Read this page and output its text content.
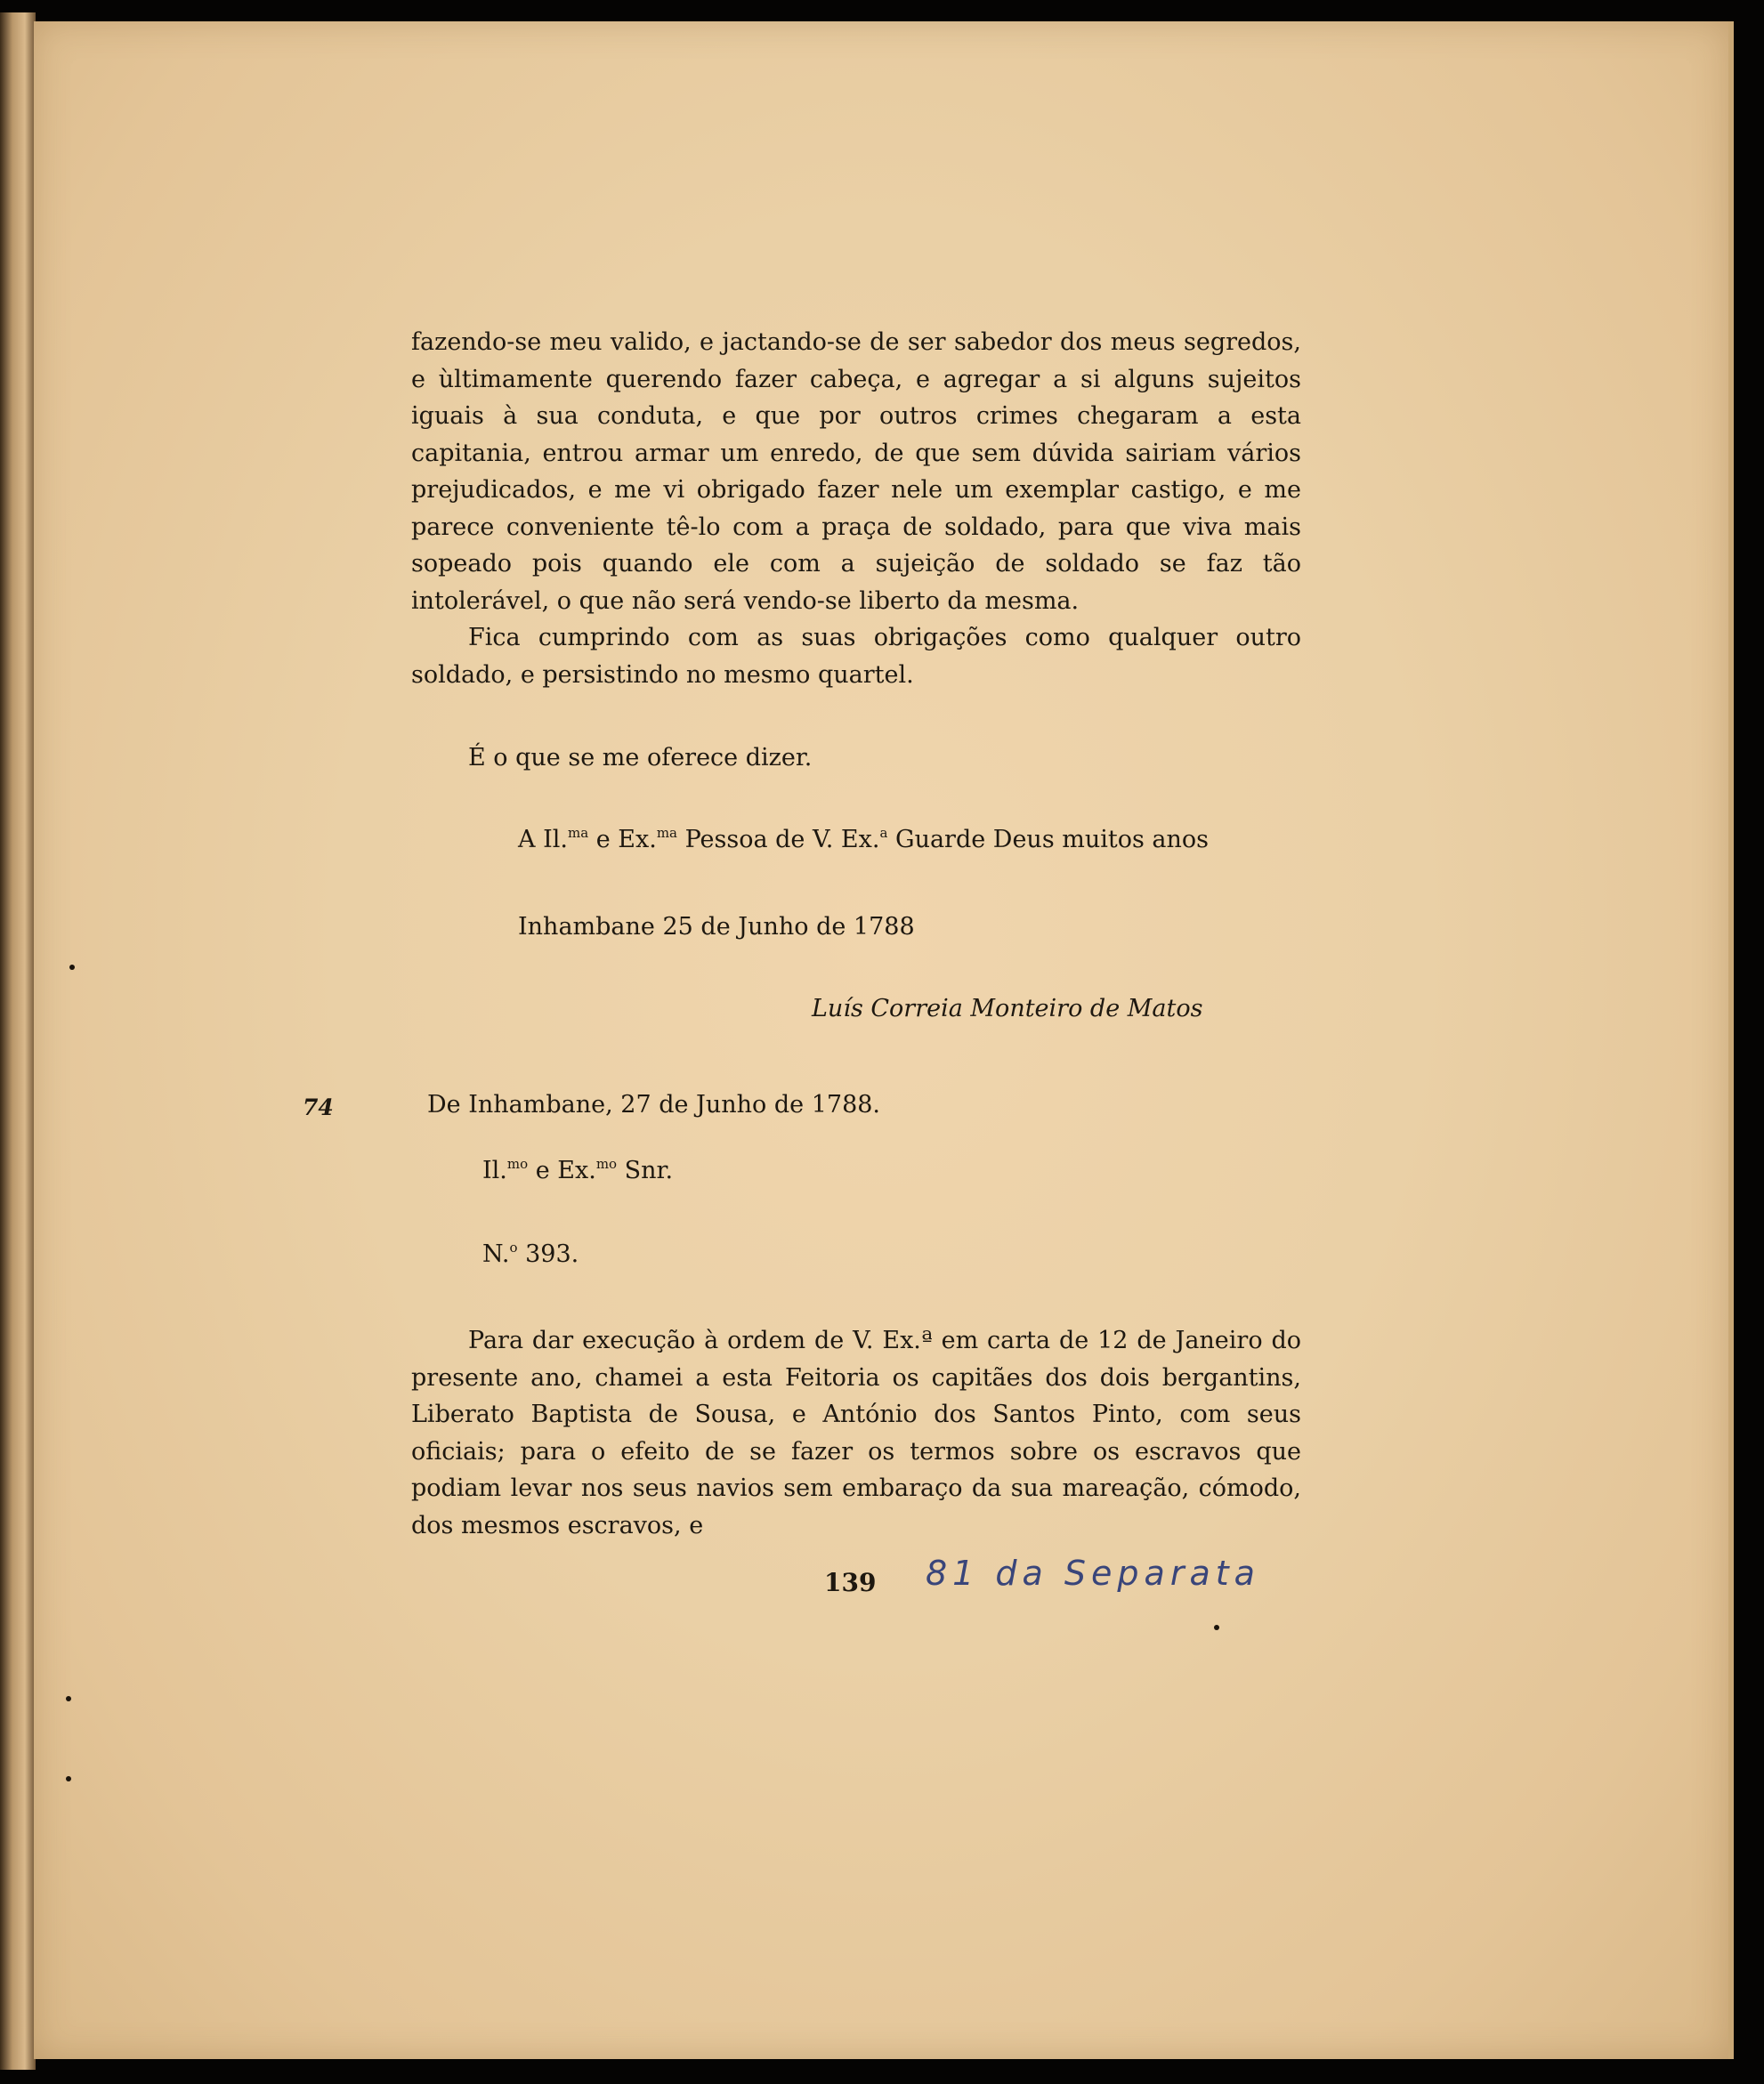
fazendo-se meu valido, e jactando-se de ser sabedor dos meus segredos, e ùltimamente querendo fazer cabeça, e agregar a si alguns sujeitos iguais à sua conduta, e que por outros crimes chegaram a esta capitania, entrou armar um enredo, de que sem dúvida sairiam vários prejudicados, e me vi obrigado fazer nele um exemplar castigo, e me parece conveniente tê-lo com a praça de soldado, para que viva mais sopeado pois quando ele com a sujeição de soldado se faz tão intolerável, o que não será vendo-se liberto da mesma.

Fica cumprindo com as suas obrigações como qualquer outro soldado, e persistindo no mesmo quartel.

É o que se me oferece dizer.
A Il.$^{ma}$ e Ex.$^{ma}$ Pessoa de V. Ex.$^a$ Guarde Deus muitos anos
Inhambane 25 de Junho de 1788
Luís Correia Monteiro de Matos
74	De Inhambane, 27 de Junho de 1788.
Il.$^{mo}$ e Ex.$^{mo}$ Snr.
N.$^o$ 393.

Para dar execução à ordem de V. Ex.ª em carta de 12 de Janeiro do presente ano, chamei a esta Feitoria os capitães dos dois bergantins, Liberato Baptista de Sousa, e António dos Santos Pinto, com seus oficiais; para o efeito de se fazer os termos sobre os escravos que podiam levar nos seus navios sem embaraço da sua mareação, cómodo, dos mesmos escravos, e

139 81 da Separata
